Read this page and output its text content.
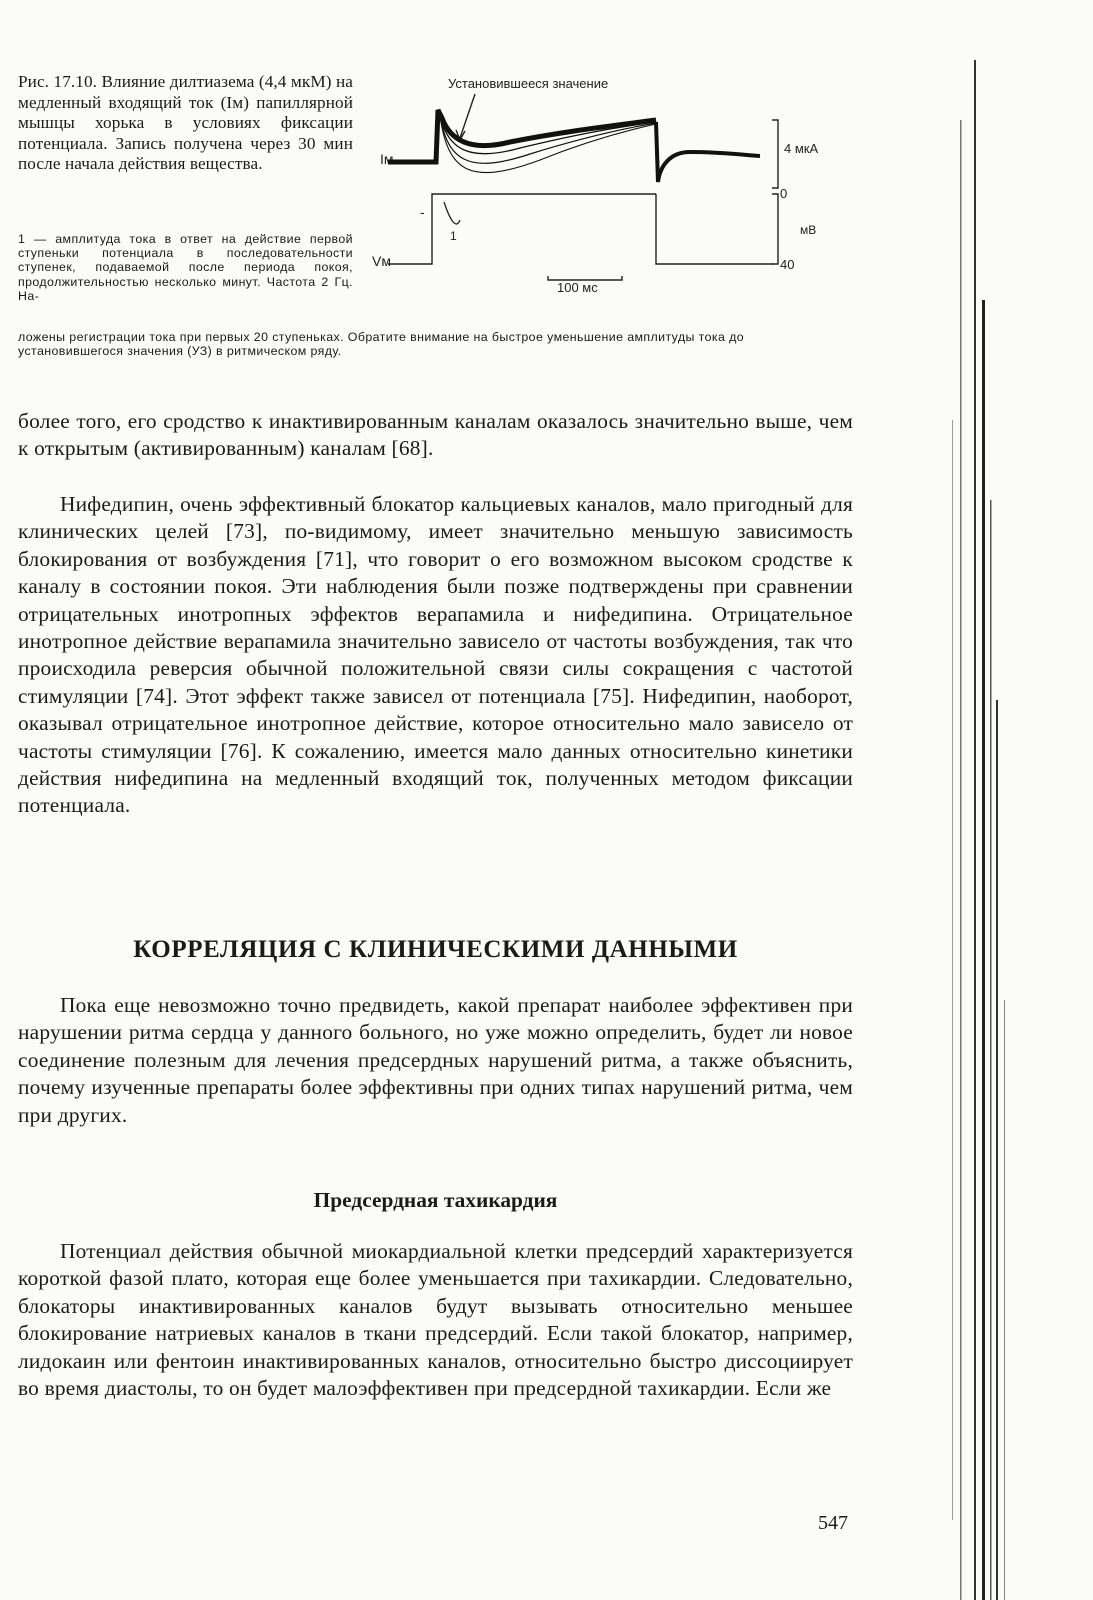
Рис. 17.10. Влияние дилтиазема (4,4 мкМ) на медленный входящий ток (Iм) папиллярной мышцы хорька в условиях фиксации потенциала. Запись получена через 30 мин после начала действия вещества.
1 — амплитуда тока в ответ на действие первой ступеньки потенциала в последовательности ступенек, подаваемой после периода покоя, продолжительностью несколько минут. Частота 2 Гц. На-
ложены регистрации тока при первых 20 ступеньках. Обратите внимание на быстрое уменьшение амплитуды тока до установившегося значения (УЗ) в ритмическом ряду.
Установившееся значение
Iм
4 мкА
-
1
0
мВ
40
Vм
100 мс

более того, его сродство к инактивированным каналам оказалось значительно выше, чем к открытым (активированным) каналам [68].

Нифедипин, очень эффективный блокатор кальциевых каналов, мало пригодный для клинических целей [73], по-видимому, имеет значительно меньшую зависимость блокирования от возбуждения [71], что говорит о его возможном высоком сродстве к каналу в состоянии покоя. Эти наблюдения были позже подтверждены при сравнении отрицательных инотропных эффектов верапамила и нифедипина. Отрицательное инотропное действие верапамила значительно зависело от частоты возбуждения, так что происходила реверсия обычной положительной связи силы сокращения с частотой стимуляции [74]. Этот эффект также зависел от потенциала [75]. Нифедипин, наоборот, оказывал отрицательное инотропное действие, которое относительно мало зависело от частоты стимуляции [76]. К сожалению, имеется мало данных относительно кинетики действия нифедипина на медленный входящий ток, полученных методом фиксации потенциала.

КОРРЕЛЯЦИЯ С КЛИНИЧЕСКИМИ ДАННЫМИ

Пока еще невозможно точно предвидеть, какой препарат наиболее эффективен при нарушении ритма сердца у данного больного, но уже можно определить, будет ли новое соединение полезным для лечения предсердных нарушений ритма, а также объяснить, почему изученные препараты более эффективны при одних типах нарушений ритма, чем при других.

Предсердная тахикардия

Потенциал действия обычной миокардиальной клетки предсердий характеризуется короткой фазой плато, которая еще более уменьшается при тахикардии. Следовательно, блокаторы инактивированных каналов будут вызывать относительно меньшее блокирование натриевых каналов в ткани предсердий. Если такой блокатор, например, лидокаин или фентоин инактивированных каналов, относительно быстро диссоциирует во время диастолы, то он будет малоэффективен при предсердной тахикардии. Если же

547
